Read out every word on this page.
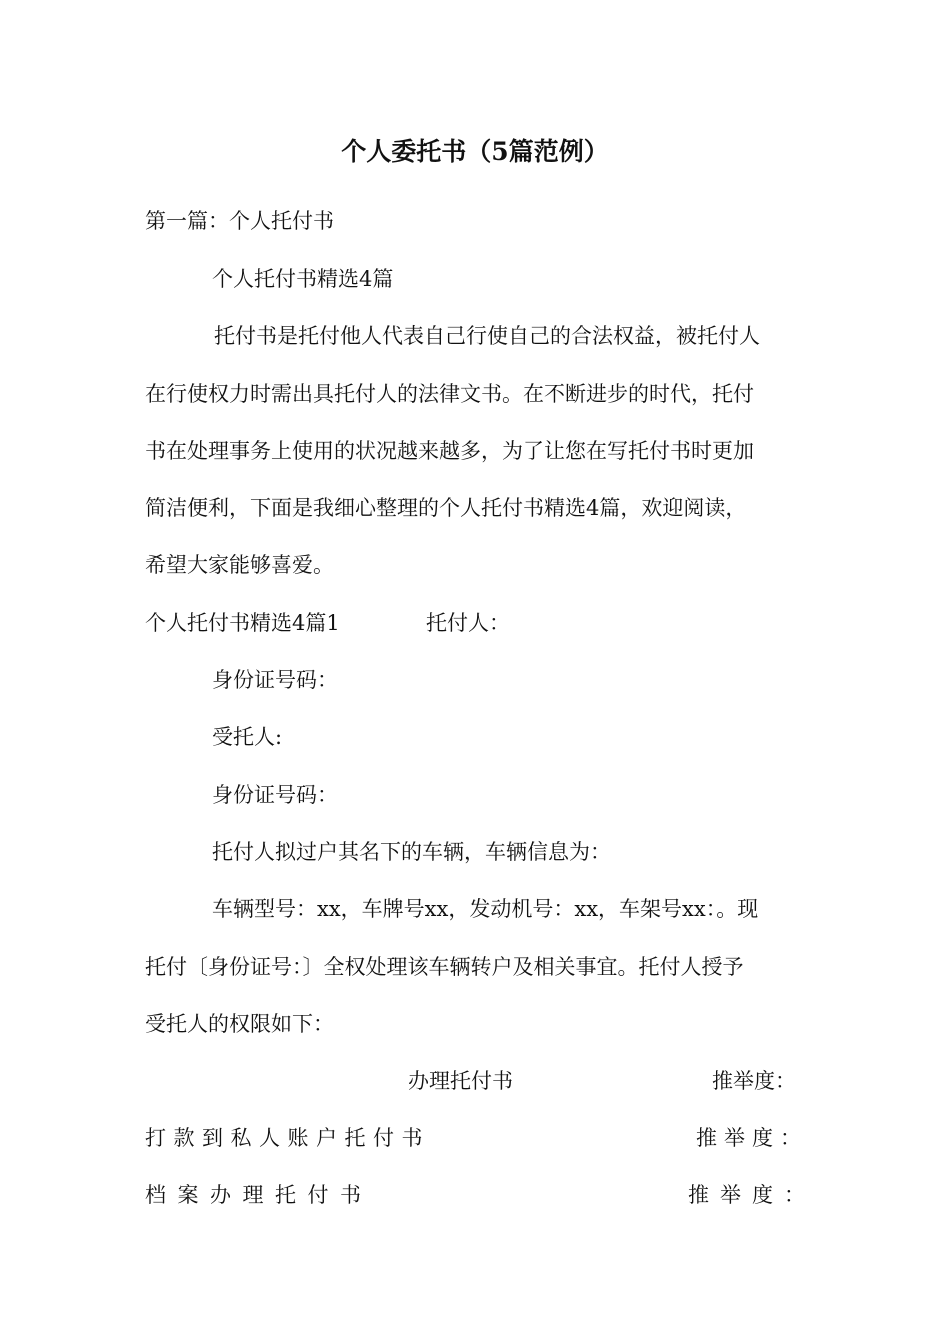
个人委托书（5篇范例）
第一篇：个人托付书
个人托付书精选4篇
托付书是托付他人代表自己行使自己的合法权益，被托付人
在行使权力时需出具托付人的法律文书。在不断进步的时代，托付
书在处理事务上使用的状况越来越多，为了让您在写托付书时更加
简洁便利，下面是我细心整理的个人托付书精选4篇，欢迎阅读，
希望大家能够喜爱。
个人托付书精选4篇1	托付人：
身份证号码：
受托人:
身份证号码：
托付人拟过户其名下的车辆，车辆信息为：
车辆型号：xx，车牌号xx，发动机号：xx，车架号xx：。现
托付〔身份证号：〕全权处理该车辆转户及相关事宜。托付人授予
受托人的权限如下：
办理托付书	推举度：
打款到私人账户托付书	推举度：
档案办理托付书	推举度：
